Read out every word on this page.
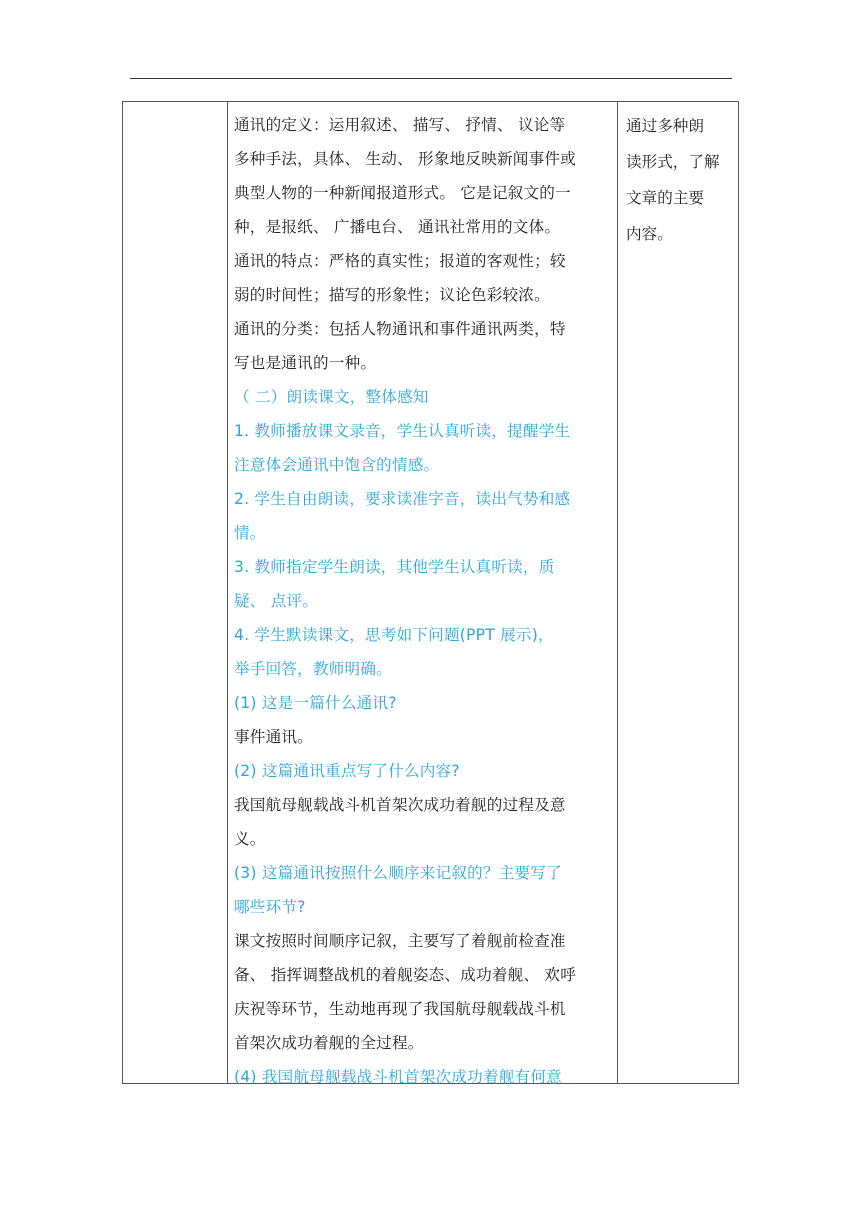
通讯的定义：运用叙述、 描写、 抒情、 议论等
多种手法，具体、 生动、 形象地反映新闻事件或
典型人物的一种新闻报道形式。 它是记叙文的一
种，是报纸、 广播电台、 通讯社常用的文体。
通讯的特点：严格的真实性；报道的客观性；较
弱的时间性；描写的形象性；议论色彩较浓。
通讯的分类：包括人物通讯和事件通讯两类，特
写也是通讯的一种。
（ 二）朗读课文，整体感知
1. 教师播放课文录音，学生认真听读，提醒学生
注意体会通讯中饱含的情感。
2. 学生自由朗读，要求读准字音，读出气势和感
情。
3. 教师指定学生朗读，其他学生认真听读，质
疑、 点评。
4. 学生默读课文，思考如下问题(PPT 展示)，
举手回答，教师明确。
(1) 这是一篇什么通讯?
事件通讯。
(2) 这篇通讯重点写了什么内容?
我国航母舰载战斗机首架次成功着舰的过程及意
义。
(3) 这篇通讯按照什么顺序来记叙的？主要写了
哪些环节?
课文按照时间顺序记叙，主要写了着舰前检查准
备、 指挥调整战机的着舰姿态、成功着舰、 欢呼
庆祝等环节，生动地再现了我国航母舰载战斗机
首架次成功着舰的全过程。
(4) 我国航母舰载战斗机首架次成功着舰有何意
通过多种朗
读形式，了解
文章的主要
内容。
